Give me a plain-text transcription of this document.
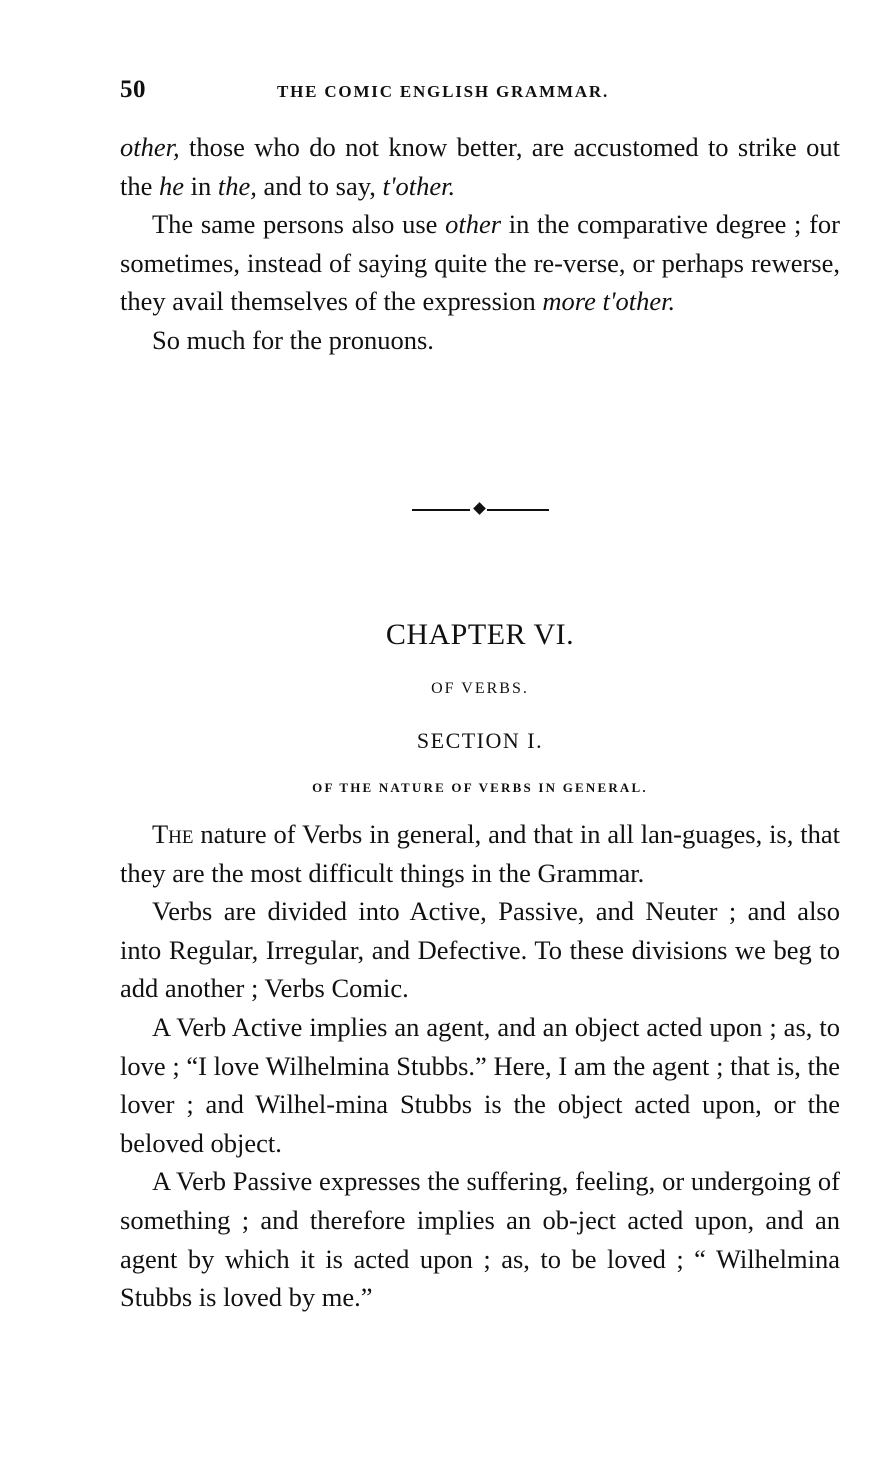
50	THE COMIC ENGLISH GRAMMAR.

other, those who do not know better, are accustomed to strike out the he in the, and to say, t'other.

The same persons also use other in the comparative degree ; for sometimes, instead of saying quite the re-verse, or perhaps rewerse, they avail themselves of the expression more t'other.

So much for the pronuons.

CHAPTER VI.
OF VERBS.
SECTION I.
OF THE NATURE OF VERBS IN GENERAL.

The nature of Verbs in general, and that in all lan-guages, is, that they are the most difficult things in the Grammar.

Verbs are divided into Active, Passive, and Neuter ; and also into Regular, Irregular, and Defective. To these divisions we beg to add another ; Verbs Comic.

A Verb Active implies an agent, and an object acted upon ; as, to love ; “I love Wilhelmina Stubbs.” Here, I am the agent ; that is, the lover ; and Wilhel-mina Stubbs is the object acted upon, or the beloved object.

A Verb Passive expresses the suffering, feeling, or undergoing of something ; and therefore implies an ob-ject acted upon, and an agent by which it is acted upon ; as, to be loved ; “ Wilhelmina Stubbs is loved by me.”
